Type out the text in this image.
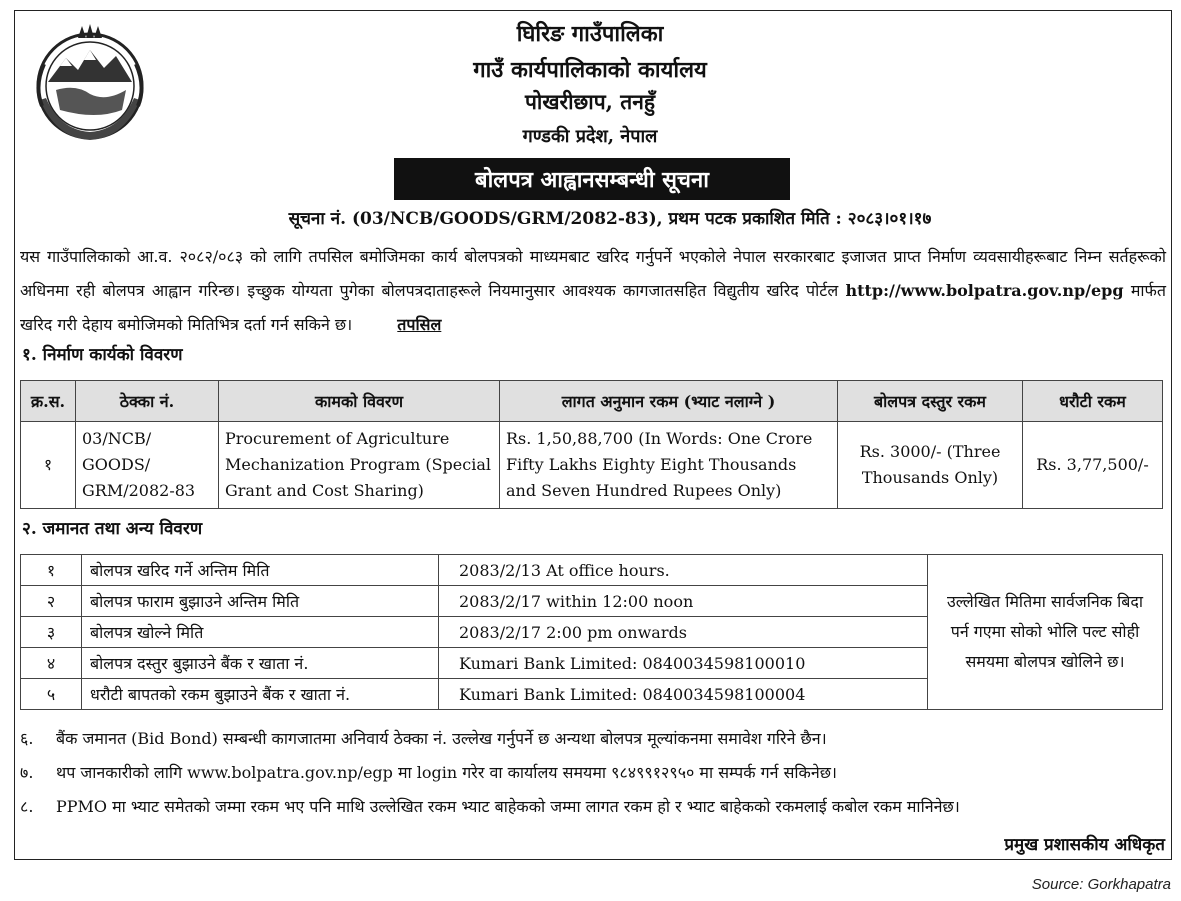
घिरिङ गाउँपालिका
गाउँ कार्यपालिकाको कार्यालय
पोखरीछाप, तनहुँ
गण्डकी प्रदेश, नेपाल
बोलपत्र आह्वानसम्बन्धी सूचना
सूचना नं. (03/NCB/GOODS/GRM/2082-83), प्रथम पटक प्रकाशित मिति : २०८३।०१।१७
यस गाउँपालिकाको आ.व. २०८२/०८३ को लागि तपसिल बमोजिमका कार्य बोलपत्रको माध्यमबाट खरिद गर्नुपर्ने भएकोले नेपाल सरकारबाट इजाजत प्राप्त निर्माण व्यवसायीहरूबाट निम्न सर्तहरूको अधिनमा रही बोलपत्र आह्वान गरिन्छ। इच्छुक योग्यता पुगेका बोलपत्रदाताहरूले नियमानुसार आवश्यक कागजातसहित विद्युतीय खरिद पोर्टल http://www.bolpatra.gov.np/epg मार्फत खरिद गरी देहाय बमोजिमको मितिभित्र दर्ता गर्न सकिने छ।	तपसिल
१. निर्माण कार्यको विवरण
क्र.स.	ठेक्का नं.	कामको विवरण	लागत अनुमान रकम (भ्याट नलाग्ने )	बोलपत्र दस्तुर रकम	धरौटी रकम
१	03/NCB/ GOODS/ GRM/2082-83	Procurement of Agriculture Mechanization Program (Special Grant and Cost Sharing)	Rs. 1,50,88,700 (In Words: One Crore Fifty Lakhs Eighty Eight Thousands and Seven Hundred Rupees Only)	Rs. 3000/- (Three Thousands Only)	Rs. 3,77,500/-
२. जमानत तथा अन्य विवरण
१	बोलपत्र खरिद गर्ने अन्तिम मिति	2083/2/13 At office hours.	उल्लेखित मितिमा सार्वजनिक बिदा पर्न गएमा सोको भोलि पल्ट सोही समयमा बोलपत्र खोलिने छ।
२	बोलपत्र फाराम बुझाउने अन्तिम मिति	2083/2/17 within 12:00 noon	
३	बोलपत्र खोल्ने मिति	2083/2/17 2:00 pm onwards	
४	बोलपत्र दस्तुर बुझाउने बैंक र खाता नं.	Kumari Bank Limited: 0840034598100010	
५	धरौटी बापतको रकम बुझाउने बैंक र खाता नं.	Kumari Bank Limited: 0840034598100004	
६. बैंक जमानत (Bid Bond) सम्बन्धी कागजातमा अनिवार्य ठेक्का नं. उल्लेख गर्नुपर्ने छ अन्यथा बोलपत्र मूल्यांकनमा समावेश गरिने छैन।
७. थप जानकारीको लागि www.bolpatra.gov.np/egp मा login गरेर वा कार्यालय समयमा ९८४९९१२९५० मा सम्पर्क गर्न सकिनेछ।
८. PPMO मा भ्याट समेतको जम्मा रकम भए पनि माथि उल्लेखित रकम भ्याट बाहेकको जम्मा लागत रकम हो र भ्याट बाहेकको रकमलाई कबोल रकम मानिनेछ।
प्रमुख प्रशासकीय अधिकृत
Source: Gorkhapatra
